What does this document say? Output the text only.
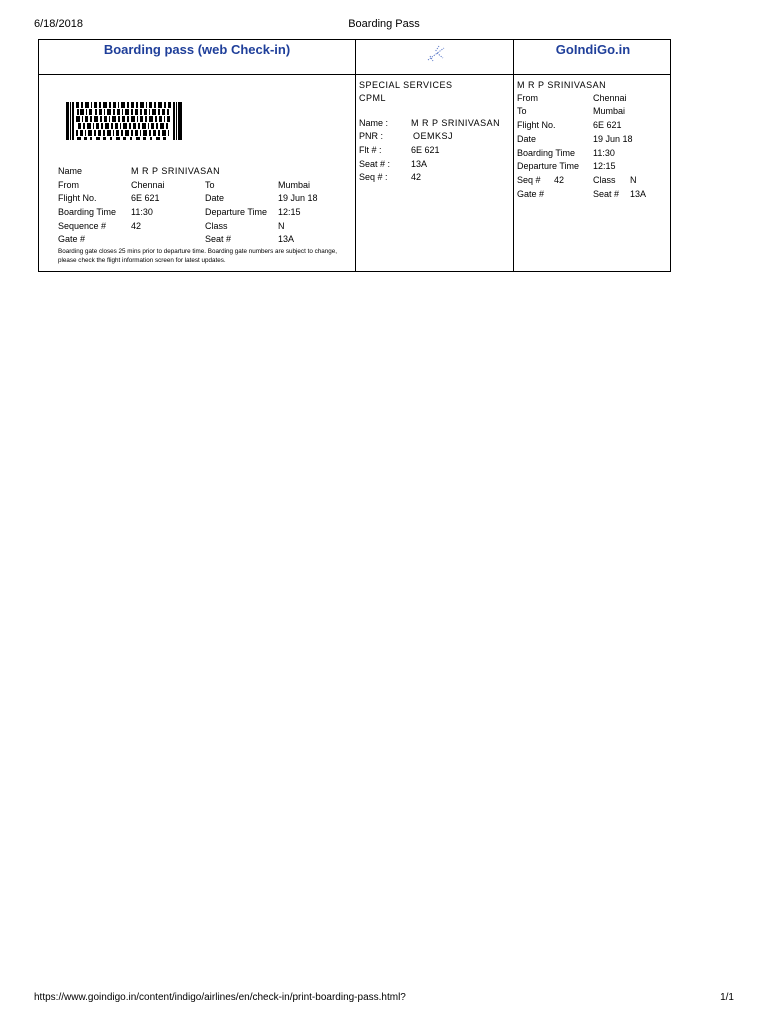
6/18/2018	Boarding Pass
Boarding pass (web Check-in)	GoIndiGo.in
Name	M R P SRINIVASAN
From	Chennai	To	Mumbai
Flight No.	6E 621	Date	19 Jun 18
Boarding Time 11:30	Departure Time 12:15
Sequence #	42	Class	N
Gate #	Seat #	13A
Boarding gate closes 25 mins prior to departure time. Boarding gate numbers are subject to change, please check the flight information screen for latest updates.
SPECIAL SERVICES
CPML
Name :	M R P SRINIVASAN
PNR :	OEMKSJ
Flt # :	6E 621
Seat # : 13A
Seq # :	42
M R P SRINIVASAN
From	Chennai
To	Mumbai
Flight No.	6E 621
Date	19 Jun 18
Boarding Time 11:30
Departure Time 12:15
Seq # 42	Class N
Gate #	Seat # 13A
https://www.goindigo.in/content/indigo/airlines/en/check-in/print-boarding-pass.html?	1/1
